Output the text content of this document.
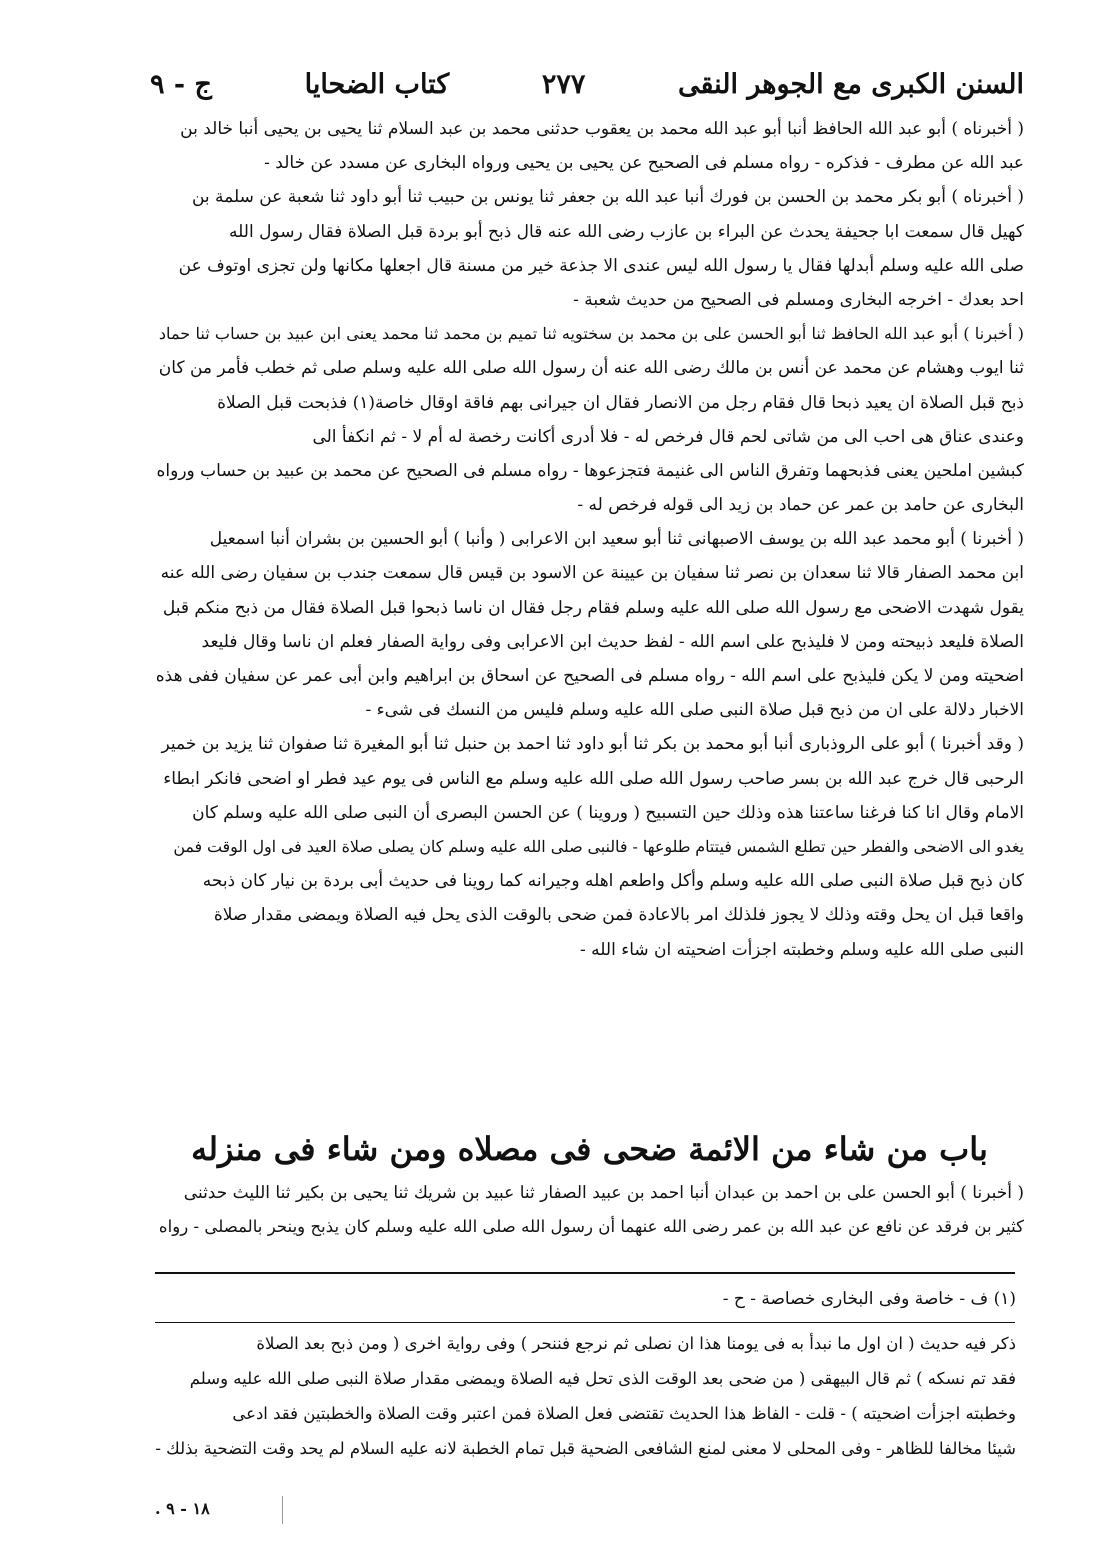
السنن الكبرى مع الجوهر النقى
٢٧٧
كتاب الضحايا
ج - ٩
( أخبرناه ) أبو عبد الله الحافظ أنبا أبو عبد الله محمد بن يعقوب حدثنى محمد بن عبد السلام ثنا يحيى بن يحيى أنبا خالد بن
عبد الله عن مطرف - فذكره - رواه مسلم فى الصحيح عن يحيى بن يحيى ورواه البخارى عن مسدد عن خالد -
( أخبرناه ) أبو بكر محمد بن الحسن بن فورك أنبا عبد الله بن جعفر ثنا يونس بن حبيب ثنا أبو داود ثنا شعبة عن سلمة بن
كهيل قال سمعت ابا جحيفة يحدث عن البراء بن عازب رضى الله عنه قال ذبح أبو بردة قبل الصلاة فقال رسول الله
صلى الله عليه وسلم أبدلها فقال يا رسول الله ليس عندى الا جذعة خير من مسنة قال اجعلها مكانها ولن تجزى اوتوف عن
احد بعدك - اخرجه البخارى ومسلم فى الصحيح من حديث شعبة -
( أخبرنا ) أبو عبد الله الحافظ ثنا أبو الحسن على بن محمد بن سختويه ثنا تميم بن محمد ثنا محمد يعنى ابن عبيد بن حساب ثنا حماد
ثنا ايوب وهشام عن محمد عن أنس بن مالك رضى الله عنه أن رسول الله صلى الله عليه وسلم صلى ثم خطب فأمر من كان
ذبح قبل الصلاة ان يعيد ذبحا قال فقام رجل من الانصار فقال ان جيرانى بهم فاقة اوقال خاصة(١) فذبحت قبل الصلاة
وعندى عناق هى احب الى من شاتى لحم قال فرخص له - فلا أدرى أكانت رخصة له أم لا - ثم انكفأ الى
كبشين املحين يعنى فذبحهما وتفرق الناس الى غنيمة فتجزعوها - رواه مسلم فى الصحيح عن محمد بن عبيد بن حساب ورواه
البخارى عن حامد بن عمر عن حماد بن زيد الى قوله فرخص له -
( أخبرنا ) أبو محمد عبد الله بن يوسف الاصبهانى ثنا أبو سعيد ابن الاعرابى ( وأنبا ) أبو الحسين بن بشران أنبا اسمعيل
ابن محمد الصفار قالا ثنا سعدان بن نصر ثنا سفيان بن عيينة عن الاسود بن قيس قال سمعت جندب بن سفيان رضى الله عنه
يقول شهدت الاضحى مع رسول الله صلى الله عليه وسلم فقام رجل فقال ان ناسا ذبحوا قبل الصلاة فقال من ذبح منكم قبل
الصلاة فليعد ذبيحته ومن لا فليذبح على اسم الله - لفظ حديث ابن الاعرابى وفى رواية الصفار فعلم ان ناسا وقال فليعد
اضحيته ومن لا يكن فليذبح على اسم الله - رواه مسلم فى الصحيح عن اسحاق بن ابراهيم وابن أبى عمر عن سفيان ففى هذه
الاخبار دلالة على ان من ذبح قبل صلاة النبى صلى الله عليه وسلم فليس من النسك فى شىء -
( وقد أخبرنا ) أبو على الروذبارى أنبا أبو محمد بن بكر ثنا أبو داود ثنا احمد بن حنبل ثنا أبو المغيرة ثنا صفوان ثنا يزيد بن خمير
الرحبى قال خرج عبد الله بن بسر صاحب رسول الله صلى الله عليه وسلم مع الناس فى يوم عيد فطر او اضحى فانكر ابطاء
الامام وقال انا كنا فرغنا ساعتنا هذه وذلك حين التسبيح ( وروينا ) عن الحسن البصرى أن النبى صلى الله عليه وسلم كان
يغدو الى الاضحى والفطر حين تطلع الشمس فيتتام طلوعها - فالنبى صلى الله عليه وسلم كان يصلى صلاة العيد فى اول الوقت فمن
كان ذبح قبل صلاة النبى صلى الله عليه وسلم وأكل واطعم اهله وجيرانه كما روينا فى حديث أبى بردة بن نيار كان ذبحه
واقعا قبل ان يحل وقته وذلك لا يجوز فلذلك امر بالاعادة فمن ضحى بالوقت الذى يحل فيه الصلاة ويمضى مقدار صلاة
النبى صلى الله عليه وسلم وخطبته اجزأت اضحيته ان شاء الله -
باب من شاء من الائمة ضحى فى مصلاه ومن شاء فى منزله
( أخبرنا ) أبو الحسن على بن احمد بن عبدان أنبا احمد بن عبيد الصفار ثنا عبيد بن شريك ثنا يحيى بن بكير ثنا الليث حدثنى
كثير بن فرقد عن نافع عن عبد الله بن عمر رضى الله عنهما أن رسول الله صلى الله عليه وسلم كان يذبح وينحر بالمصلى - رواه
(١) ف - خاصة وفى البخارى خصاصة - ح -
ذكر فيه حديث ( ان اول ما نبدأ به فى يومنا هذا ان نصلى ثم نرجع فننحر ) وفى رواية اخرى ( ومن ذبح بعد الصلاة
فقد تم نسكه ) ثم قال البيهقى ( من ضحى بعد الوقت الذى تحل فيه الصلاة ويمضى مقدار صلاة النبى صلى الله عليه وسلم
وخطبته اجزأت اضحيته ) - قلت - الفاظ هذا الحديث تقتضى فعل الصلاة فمن اعتبر وقت الصلاة والخطبتين فقد ادعى
شيئا مخالفا للظاهر - وفى المحلى لا معنى لمنع الشافعى الضحية قبل تمام الخطبة لانه عليه السلام لم يحد وقت التضحية بذلك -
١٨ - ٩ .
